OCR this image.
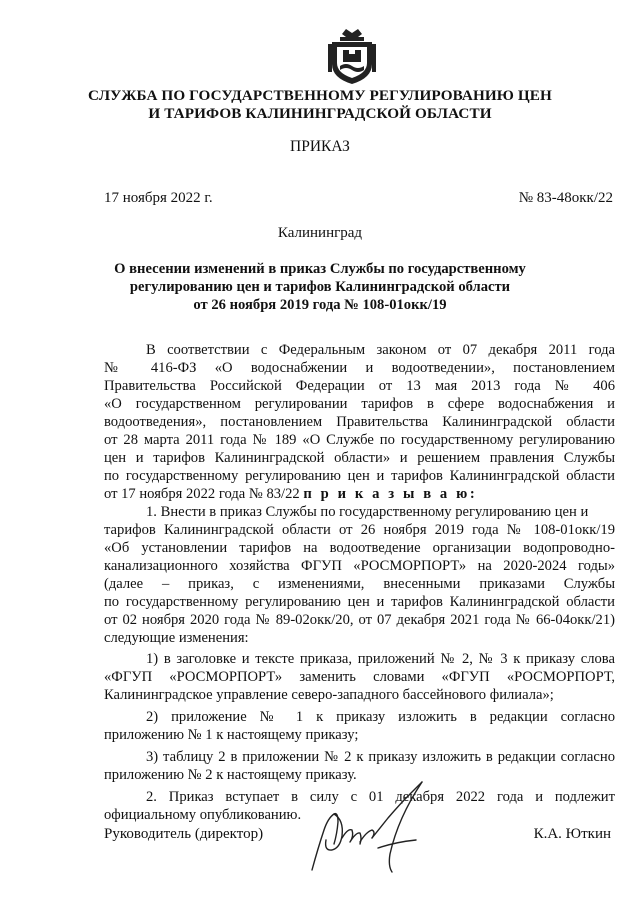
СЛУЖБА ПО ГОСУДАРСТВЕННОМУ РЕГУЛИРОВАНИЮ ЦЕН
И ТАРИФОВ КАЛИНИНГРАДСКОЙ ОБЛАСТИ
ПРИКАЗ
17 ноября 2022 г.	№ 83-48окк/22
Калининград
О внесении изменений в приказ Службы по государственному
регулированию цен и тарифов Калининградской области
от 26 ноября 2019 года № 108-01окк/19
В соответствии с Федеральным законом от 07 декабря 2011 года
№ 416-ФЗ «О водоснабжении и водоотведении», постановлением
Правительства Российской Федерации от 13 мая 2013 года № 406
«О государственном регулировании тарифов в сфере водоснабжения и
водоотведения», постановлением Правительства Калининградской области
от 28 марта 2011 года № 189 «О Службе по государственному регулированию
цен и тарифов Калининградской области» и решением правления Службы
по государственному регулированию цен и тарифов Калининградской области
от 17 ноября 2022 года № 83/22 п р и к а з ы в а ю:
1. Внести в приказ Службы по государственному регулированию цен и
тарифов Калининградской области от 26 ноября 2019 года № 108-01окк/19
«Об установлении тарифов на водоотведение организации водопроводно-
канализационного хозяйства ФГУП «РОСМОРПОРТ» на 2020-2024 годы»
(далее – приказ, с изменениями, внесенными приказами Службы
по государственному регулированию цен и тарифов Калининградской области
от 02 ноября 2020 года № 89-02окк/20, от 07 декабря 2021 года № 66-04окк/21)
следующие изменения:
1) в заголовке и тексте приказа, приложений № 2, № 3 к приказу слова
«ФГУП «РОСМОРПОРТ» заменить словами «ФГУП «РОСМОРПОРТ,
Калининградское управление северо-западного бассейнового филиала»;
2) приложение № 1 к приказу изложить в редакции согласно
приложению № 1 к настоящему приказу;
3) таблицу 2 в приложении № 2 к приказу изложить в редакции согласно
приложению № 2 к настоящему приказу.
2. Приказ вступает в силу с 01 декабря 2022 года и подлежит
официальному опубликованию.
Руководитель (директор)	К.А. Юткин
